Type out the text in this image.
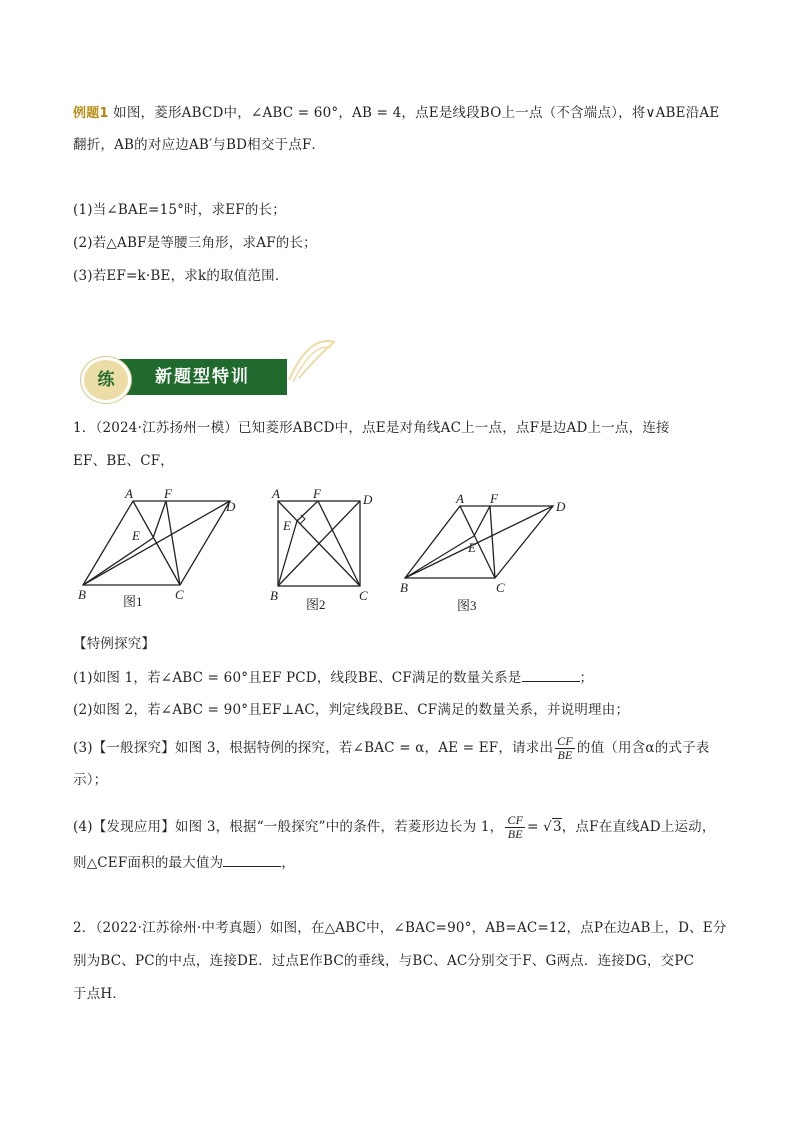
例题1 如图，菱形ABCD中，∠ABC = 60°，AB = 4，点E是线段BO上一点（不含端点），将∨ABE沿AE
翻折，AB的对应边AB′与BD相交于点F．
(1)当∠BAE=15°时，求EF的长；
(2)若△ABF是等腰三角形，求AF的长；
(3)若EF=k·BE，求k的取值范围．
新题型特训
练
1．（2024·江苏扬州一模）已知菱形ABCD中，点E是对角线AC上一点，点F是边AD上一点，连接
EF、BE、CF，
A F
D
E
B	C
图1
A	F	D
E
B	C
图2
A F
D
E
B	C
图3
【特例探究】
(1)如图 1，若∠ABC = 60°且EF PCD，线段BE、CF满足的数量关系是	；
(2)如图 2，若∠ABC = 90°且EF⊥AC，判定线段BE、CF满足的数量关系，并说明理由；
(3)【一般探究】如图 3，根据特例的探究，若∠BAC = α，AE = EF，请求出 $\frac{CF}{BE}$ 的值（用含α的式子表
示）；
(4)【发现应用】如图 3，根据“一般探究”中的条件，若菱形边长为 1， $\frac{CF}{BE} = √3$，点F在直线AD上运动，
则△CEF面积的最大值为	，
2．（2022·江苏徐州·中考真题）如图，在△ABC中，∠BAC=90°，AB=AC=12，点P在边AB上，D、E分
别为BC、PC的中点，连接DE．过点E作BC的垂线，与BC、AC分别交于F、G两点．连接DG，交PC
于点H．
